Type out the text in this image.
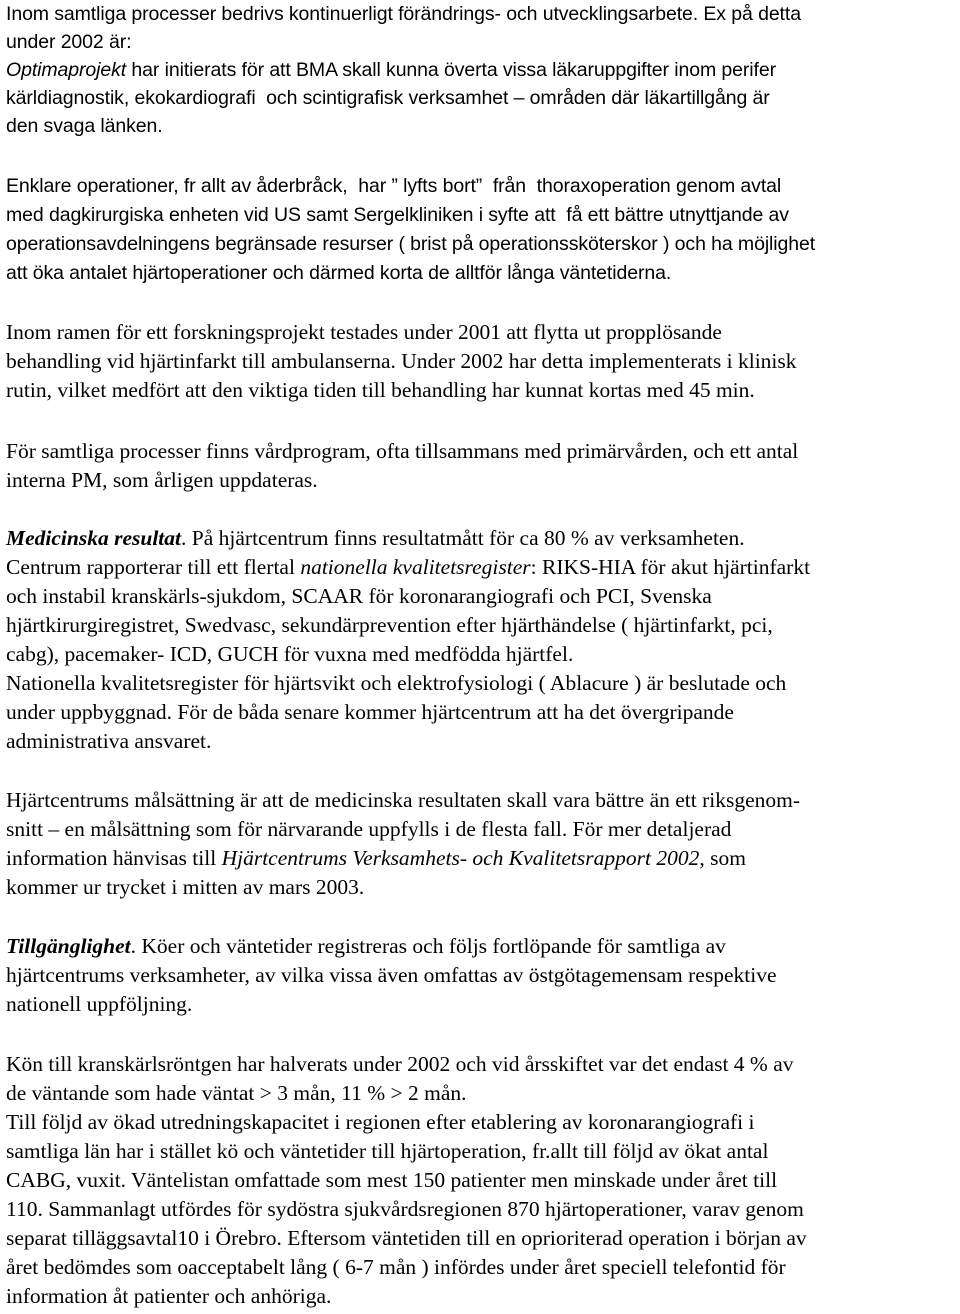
Inom samtliga processer bedrivs kontinuerligt förändrings- och utvecklingsarbete. Ex på detta
under 2002 är:
Optimaprojekt har initierats för att BMA skall kunna överta vissa läkaruppgifter inom perifer
kärldiagnostik, ekokardiografi  och scintigrafisk verksamhet – områden där läkartillgång är
den svaga länken.
Enklare operationer, fr allt av åderbråck,  har ” lyfts bort”  från  thoraxoperation genom avtal
med dagkirurgiska enheten vid US samt Sergelkliniken i syfte att  få ett bättre utnyttjande av
operationsavdelningens begränsade resurser ( brist på operationssköterskor ) och ha möjlighet
att öka antalet hjärtoperationer och därmed korta de alltför långa väntetiderna.
Inom ramen för ett forskningsprojekt testades under 2001 att flytta ut propplösande
behandling vid hjärtinfarkt till ambulanserna. Under 2002 har detta implementerats i klinisk
rutin, vilket medfört att den viktiga tiden till behandling har kunnat kortas med 45 min.
För samtliga processer finns vårdprogram, ofta tillsammans med primärvården, och ett antal
interna PM, som årligen uppdateras.
Medicinska resultat. På hjärtcentrum finns resultatmått för ca 80 % av verksamheten.
Centrum rapporterar till ett flertal nationella kvalitetsregister: RIKS-HIA för akut hjärtinfarkt
och instabil kranskärls-sjukdom, SCAAR för koronarangiografi och PCI, Svenska
hjärtkirurgiregistret, Swedvasc, sekundärprevention efter hjärthändelse ( hjärtinfarkt, pci,
cabg), pacemaker- ICD, GUCH för vuxna med medfödda hjärtfel.
Nationella kvalitetsregister för hjärtsvikt och elektrofysiologi ( Ablacure ) är beslutade och
under uppbyggnad. För de båda senare kommer hjärtcentrum att ha det övergripande
administrativa ansvaret.
Hjärtcentrums målsättning är att de medicinska resultaten skall vara bättre än ett riksgenom-
snitt – en målsättning som för närvarande uppfylls i de flesta fall. För mer detaljerad
information hänvisas till Hjärtcentrums Verksamhets- och Kvalitetsrapport 2002, som
kommer ur trycket i mitten av mars 2003.
Tillgänglighet. Köer och väntetider registreras och följs fortlöpande för samtliga av
hjärtcentrums verksamheter, av vilka vissa även omfattas av östgötagemensam respektive
nationell uppföljning.
Kön till kranskärlsröntgen har halverats under 2002 och vid årsskiftet var det endast 4 % av
de väntande som hade väntat > 3 mån, 11 % > 2 mån.
Till följd av ökad utredningskapacitet i regionen efter etablering av koronarangiografi i
samtliga län har i stället kö och väntetider till hjärtoperation, fr.allt till följd av ökat antal
CABG, vuxit. Väntelistan omfattade som mest 150 patienter men minskade under året till
110. Sammanlagt utfördes för sydöstra sjukvårdsregionen 870 hjärtoperationer, varav genom
separat tilläggsavtal10 i Örebro. Eftersom väntetiden till en oprioriterad operation i början av
året bedömdes som oacceptabelt lång ( 6-7 mån ) infördes under året speciell telefontid för
information åt patienter och anhöriga.
